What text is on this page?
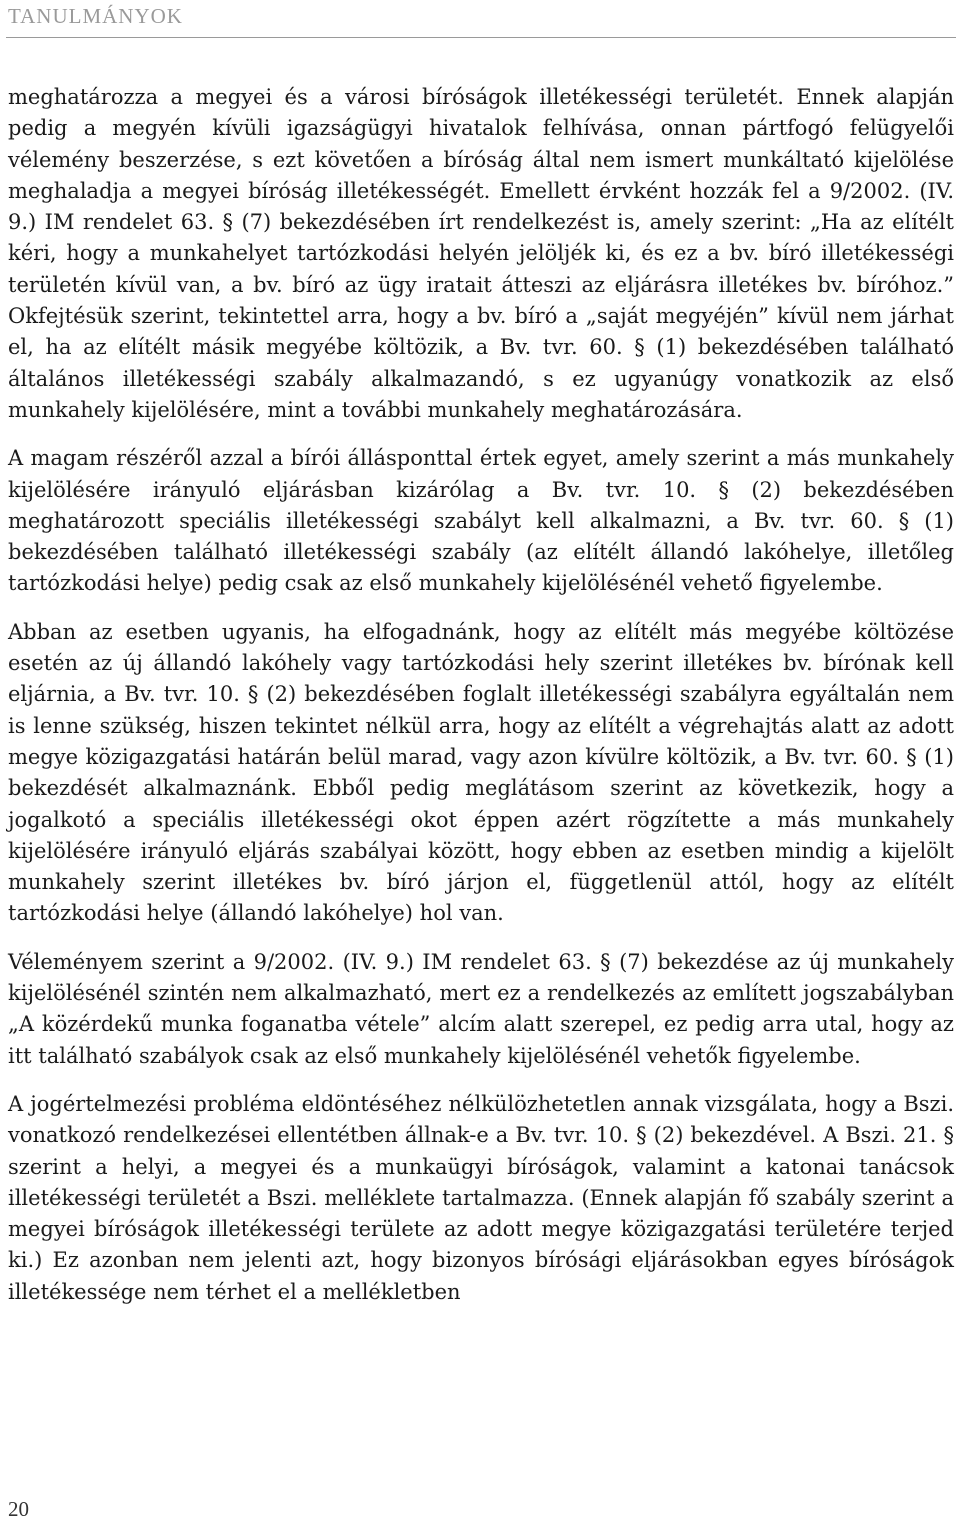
TANULMÁNYOK

meghatározza a megyei és a városi bíróságok illetékességi területét. Ennek alapján pedig a megyén kívüli igazságügyi hivatalok felhívása, onnan pártfogó felügyelői vélemény beszerzése, s ezt követően a bíróság által nem ismert munkáltató kijelölése meghaladja a megyei bíróság illetékességét. Emellett érvként hozzák fel a 9/2002. (IV. 9.) IM rendelet 63. § (7) bekezdésében írt rendelkezést is, amely szerint: „Ha az elítélt kéri, hogy a munkahelyet tartózkodási helyén jelöljék ki, és ez a bv. bíró illetékességi területén kívül van, a bv. bíró az ügy iratait átteszi az eljárásra illetékes bv. bíróhoz.” Okfejtésük szerint, tekintettel arra, hogy a bv. bíró a „saját megyéjén” kívül nem járhat el, ha az elítélt másik megyébe költözik, a Bv. tvr. 60. § (1) bekezdésében található általános illetékességi szabály alkalmazandó, s ez ugyanúgy vonatkozik az első munkahely kijelölésére, mint a további munkahely meghatározására.

A magam részéről azzal a bírói állásponttal értek egyet, amely szerint a más munkahely kijelölésére irányuló eljárásban kizárólag a Bv. tvr. 10. § (2) bekezdésében meghatározott speciális illetékességi szabályt kell alkalmazni, a Bv. tvr. 60. § (1) bekezdésében található illetékességi szabály (az elítélt állandó lakóhelye, illetőleg tartózkodási helye) pedig csak az első munkahely kijelölésénél vehető figyelembe.

Abban az esetben ugyanis, ha elfogadnánk, hogy az elítélt más megyébe költözése esetén az új állandó lakóhely vagy tartózkodási hely szerint illetékes bv. bírónak kell eljárnia, a Bv. tvr. 10. § (2) bekezdésében foglalt illetékességi szabályra egyáltalán nem is lenne szükség, hiszen tekintet nélkül arra, hogy az elítélt a végrehajtás alatt az adott megye közigazgatási határán belül marad, vagy azon kívülre költözik, a Bv. tvr. 60. § (1) bekezdését alkalmaznánk. Ebből pedig meglátásom szerint az következik, hogy a jogalkotó a speciális illetékességi okot éppen azért rögzítette a más munkahely kijelölésére irányuló eljárás szabályai között, hogy ebben az esetben mindig a kijelölt munkahely szerint illetékes bv. bíró járjon el, függetlenül attól, hogy az elítélt tartózkodási helye (állandó lakóhelye) hol van.

Véleményem szerint a 9/2002. (IV. 9.) IM rendelet 63. § (7) bekezdése az új munkahely kijelölésénél szintén nem alkalmazható, mert ez a rendelkezés az említett jogszabályban „A közérdekű munka foganatba vétele” alcím alatt szerepel, ez pedig arra utal, hogy az itt található szabályok csak az első munkahely kijelölésénél vehetők figyelembe.

A jogértelmezési probléma eldöntéséhez nélkülözhetetlen annak vizsgálata, hogy a Bszi. vonatkozó rendelkezései ellentétben állnak-e a Bv. tvr. 10. § (2) bekezdével. A Bszi. 21. § szerint a helyi, a megyei és a munkaügyi bíróságok, valamint a katonai tanácsok illetékességi területét a Bszi. melléklete tartalmazza. (Ennek alapján fő szabály szerint a megyei bíróságok illetékességi területe az adott megye közigazgatási területére terjed ki.) Ez azonban nem jelenti azt, hogy bizonyos bírósági eljárásokban egyes bíróságok illetékessége nem térhet el a mellékletben

20
